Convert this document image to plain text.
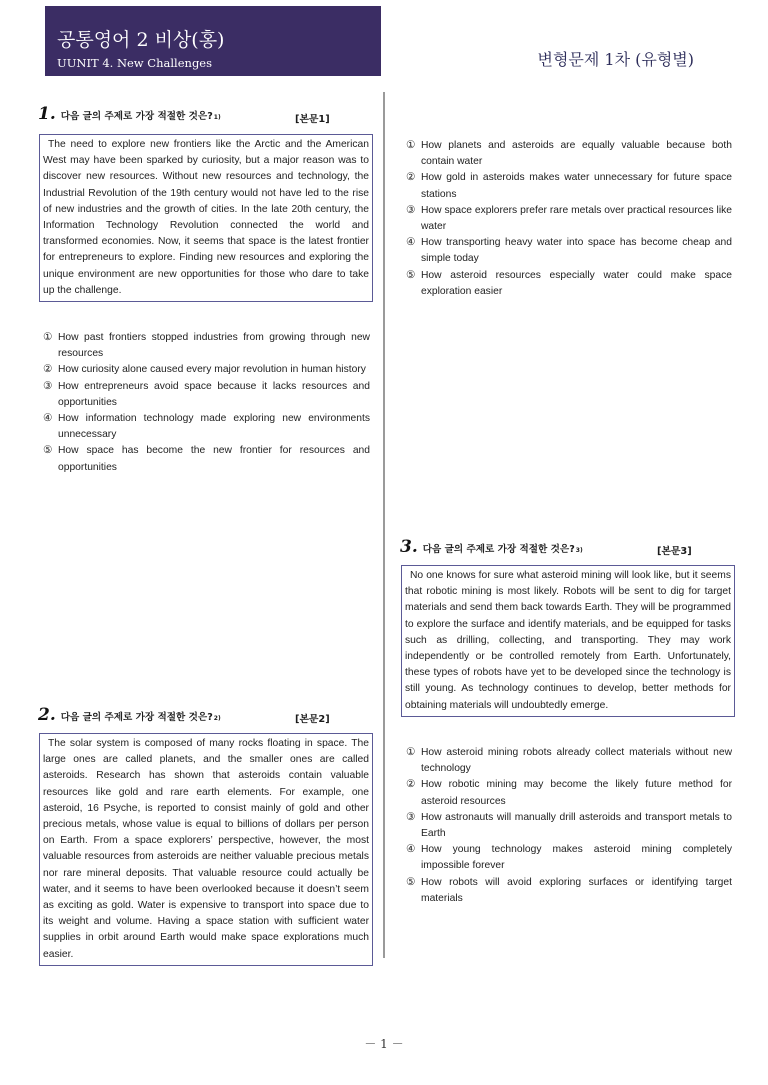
공통영어 2 비상(홍)
UUNIT 4. New Challenges	변형문제 1차 (유형별)
1. 다음 글의 주제로 가장 적절한 것은? 1)	[본문1]

The need to explore new frontiers like the Arctic and the American West may have been sparked by curiosity, but a major reason was to discover new resources. Without new resources and technology, the Industrial Revolution of the 19th century would not have led to the rise of new industries and the growth of cities. In the late 20th century, the Information Technology Revolution connected the world and transformed economies. Now, it seems that space is the latest frontier for entrepreneurs to explore. Finding new resources and exploring the unique environment are new opportunities for those who dare to take up the challenge.

① How past frontiers stopped industries from growing through new resources
② How curiosity alone caused every major revolution in human history
③ How entrepreneurs avoid space because it lacks resources and opportunities
④ How information technology made exploring new environments unnecessary
⑤ How space has become the new frontier for resources and opportunities
2. 다음 글의 주제로 가장 적절한 것은? 2)	[본문2]

The solar system is composed of many rocks floating in space. The large ones are called planets, and the smaller ones are called asteroids. Research has shown that asteroids contain valuable resources like gold and rare earth elements. For example, one asteroid, 16 Psyche, is reported to consist mainly of gold and other precious metals, whose value is equal to billions of dollars per person on Earth. From a space explorers’ perspective, however, the most valuable resources from asteroids are neither valuable precious metals nor rare mineral deposits. That valuable resource could actually be water, and it seems to have been overlooked because it doesn’t seem as exciting as gold. Water is expensive to transport into space due to its weight and volume. Having a space station with sufficient water supplies in orbit around Earth would make space explorations much easier.

① How planets and asteroids are equally valuable because both contain water
② How gold in asteroids makes water unnecessary for future space stations
③ How space explorers prefer rare metals over practical resources like water
④ How transporting heavy water into space has become cheap and simple today
⑤ How asteroid resources especially water could make space exploration easier
3. 다음 글의 주제로 가장 적절한 것은? 3)	[본문3]

No one knows for sure what asteroid mining will look like, but it seems that robotic mining is most likely. Robots will be sent to dig for target materials and send them back towards Earth. They will be programmed to explore the surface and identify materials, and be equipped for tasks such as drilling, collecting, and transporting. They may work independently or be controlled remotely from Earth. Unfortunately, these types of robots have yet to be developed since the technology is still young. As technology continues to develop, better methods for obtaining materials will undoubtedly emerge.

① How asteroid mining robots already collect materials without new technology
② How robotic mining may become the likely future method for asteroid resources
③ How astronauts will manually drill asteroids and transport metals to Earth
④ How young technology makes asteroid mining completely impossible forever
⑤ How robots will avoid exploring surfaces or identifying target materials
－ 1 －
